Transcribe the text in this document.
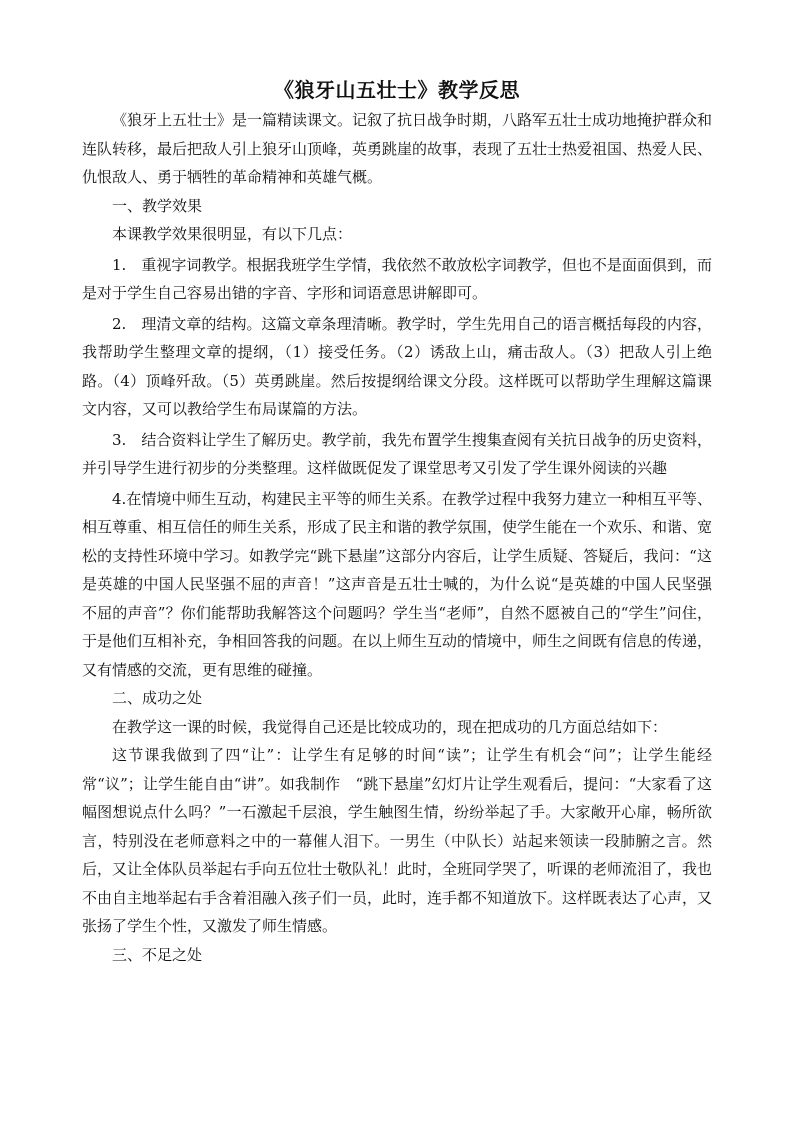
《狼牙山五壮士》教学反思

《狼牙上五壮士》是一篇精读课文。记叙了抗日战争时期，八路军五壮士成功地掩护群众和连队转移，最后把敌人引上狼牙山顶峰，英勇跳崖的故事，表现了五壮士热爱祖国、热爱人民、仇恨敌人、勇于牺牲的革命精神和英雄气概。

一、教学效果

本课教学效果很明显，有以下几点：

1.　重视字词教学。根据我班学生学情，我依然不敢放松字词教学，但也不是面面俱到，而是对于学生自己容易出错的字音、字形和词语意思讲解即可。

2.　理清文章的结构。这篇文章条理清晰。教学时，学生先用自己的语言概括每段的内容，我帮助学生整理文章的提纲，（1）接受任务。（2）诱敌上山，痛击敌人。（3）把敌人引上绝路。（4）顶峰歼敌。（5）英勇跳崖。然后按提纲给课文分段。这样既可以帮助学生理解这篇课文内容，又可以教给学生布局谋篇的方法。

3.　结合资料让学生了解历史。教学前，我先布置学生搜集查阅有关抗日战争的历史资料，并引导学生进行初步的分类整理。这样做既促发了课堂思考又引发了学生课外阅读的兴趣

4.在情境中师生互动，构建民主平等的师生关系。在教学过程中我努力建立一种相互平等、相互尊重、相互信任的师生关系，形成了民主和谐的教学氛围，使学生能在一个欢乐、和谐、宽松的支持性环境中学习。如教学完“跳下悬崖”这部分内容后，让学生质疑、答疑后，我问：“这是英雄的中国人民坚强不屈的声音！”这声音是五壮士喊的，为什么说“是英雄的中国人民坚强不屈的声音”？你们能帮助我解答这个问题吗？学生当“老师”，自然不愿被自己的“学生”问住，于是他们互相补充，争相回答我的问题。在以上师生互动的情境中，师生之间既有信息的传递，又有情感的交流，更有思维的碰撞。

二、成功之处

在教学这一课的时候，我觉得自己还是比较成功的，现在把成功的几方面总结如下：

这节课我做到了四“让”：让学生有足够的时间“读”；让学生有机会“问”；让学生能经常“议”；让学生能自由“讲”。如我制作　“跳下悬崖”幻灯片让学生观看后，提问：“大家看了这幅图想说点什么吗？”一石激起千层浪，学生触图生情，纷纷举起了手。大家敞开心扉，畅所欲言，特别没在老师意料之中的一幕催人泪下。一男生（中队长）站起来领读一段肺腑之言。然后，又让全体队员举起右手向五位壮士敬队礼！此时，全班同学哭了，听课的老师流泪了，我也不由自主地举起右手含着泪融入孩子们一员，此时，连手都不知道放下。这样既表达了心声，又张扬了学生个性，又激发了师生情感。

三、不足之处
